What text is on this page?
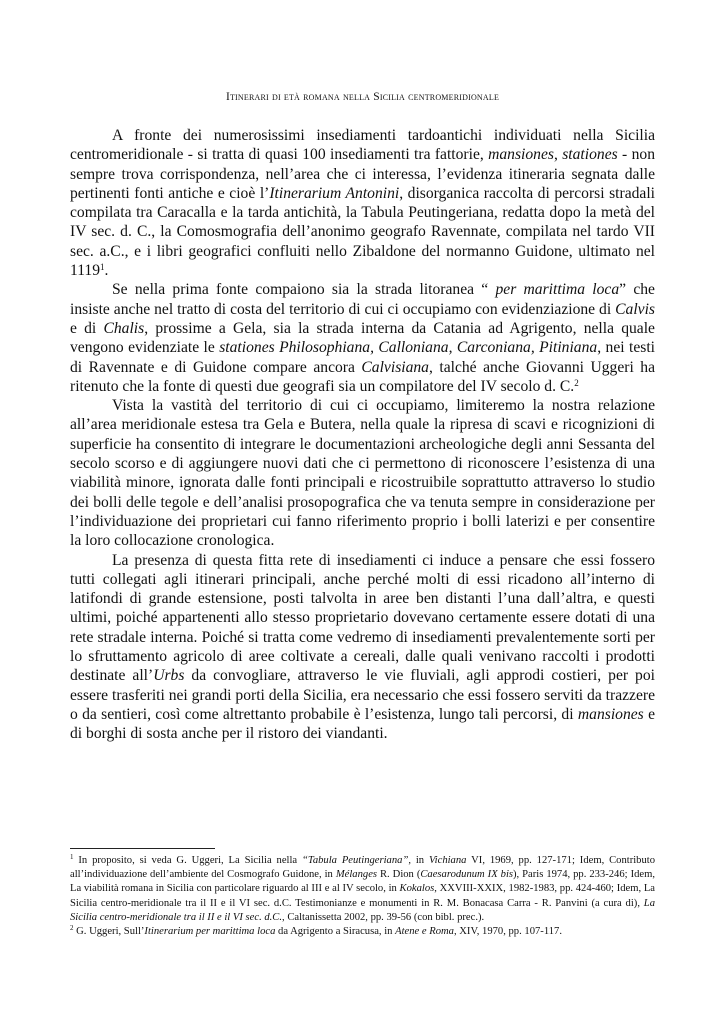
Itinerari di età romana nella Sicilia centromeridionale

A fronte dei numerosissimi insediamenti tardoantichi individuati nella Sicilia centromeridionale - si tratta di quasi 100 insediamenti tra fattorie, mansiones, stationes - non sempre trova corrispondenza, nell’area che ci interessa, l’evidenza itineraria segnata dalle pertinenti fonti antiche e cioè l’Itinerarium Antonini, disorganica raccolta di percorsi stradali compilata tra Caracalla e la tarda antichità, la Tabula Peutingeriana, redatta dopo la metà del IV sec. d. C., la Comosmografia dell’anonimo geografo Ravennate, compilata nel tardo VII sec. a.C., e i libri geografici confluiti nello Zibaldone del normanno Guidone, ultimato nel 1119$^1$.

Se nella prima fonte compaiono sia la strada litoranea “ per marittima loca” che insiste anche nel tratto di costa del territorio di cui ci occupiamo con evidenziazione di Calvis e di Chalis, prossime a Gela, sia la strada interna da Catania ad Agrigento, nella quale vengono evidenziate le stationes Philosophiana, Calloniana, Carconiana, Pitiniana, nei testi di Ravennate e di Guidone compare ancora Calvisiana, talché anche Giovanni Uggeri ha ritenuto che la fonte di questi due geografi sia un compilatore del IV secolo d. C.$^2$

Vista la vastità del territorio di cui ci occupiamo, limiteremo la nostra relazione all’area meridionale estesa tra Gela e Butera, nella quale la ripresa di scavi e ricognizioni di superficie ha consentito di integrare le documentazioni archeologiche degli anni Sessanta del secolo scorso e di aggiungere nuovi dati che ci permettono di riconoscere l’esistenza di una viabilità minore, ignorata dalle fonti principali e ricostruibile soprattutto attraverso lo studio dei bolli delle tegole e dell’analisi prosopografica che va tenuta sempre in considerazione per l’individuazione dei proprietari cui fanno riferimento proprio i bolli laterizi e per consentire la loro collocazione cronologica.

La presenza di questa fitta rete di insediamenti ci induce a pensare che essi fossero tutti collegati agli itinerari principali, anche perché molti di essi ricadono all’interno di latifondi di grande estensione, posti talvolta in aree ben distanti l’una dall’altra, e questi ultimi, poiché appartenenti allo stesso proprietario dovevano certamente essere dotati di una rete stradale interna. Poiché si tratta come vedremo di insediamenti prevalentemente sorti per lo sfruttamento agricolo di aree coltivate a cereali, dalle quali venivano raccolti i prodotti destinate all’Urbs da convogliare, attraverso le vie fluviali, agli approdi costieri, per poi essere trasferiti nei grandi porti della Sicilia, era necessario che essi fossero serviti da trazzere o da sentieri, così come altrettanto probabile è l’esistenza, lungo tali percorsi, di mansiones e di borghi di sosta anche per il ristoro dei viandanti.

$^1$ In proposito, si veda G. Uggeri, La Sicilia nella “Tabula Peutingeriana”, in Vichiana VI, 1969, pp. 127-171; Idem, Contributo all’individuazione dell’ambiente del Cosmografo Guidone, in Mélanges R. Dion (Caesarodunum IX bis), Paris 1974, pp. 233-246; Idem, La viabilità romana in Sicilia con particolare riguardo al III e al IV secolo, in Kokalos, XXVIII-XXIX, 1982-1983, pp. 424-460; Idem, La Sicilia centro-meridionale tra il II e il VI sec. d.C. Testimonianze e monumenti in R. M. Bonacasa Carra - R. Panvini (a cura di), La Sicilia centro-meridionale tra il II e il VI sec. d.C., Caltanissetta 2002, pp. 39-56 (con bibl. prec.).

$^2$ G. Uggeri, Sull’Itinerarium per marittima loca da Agrigento a Siracusa, in Atene e Roma, XIV, 1970, pp. 107-117.
